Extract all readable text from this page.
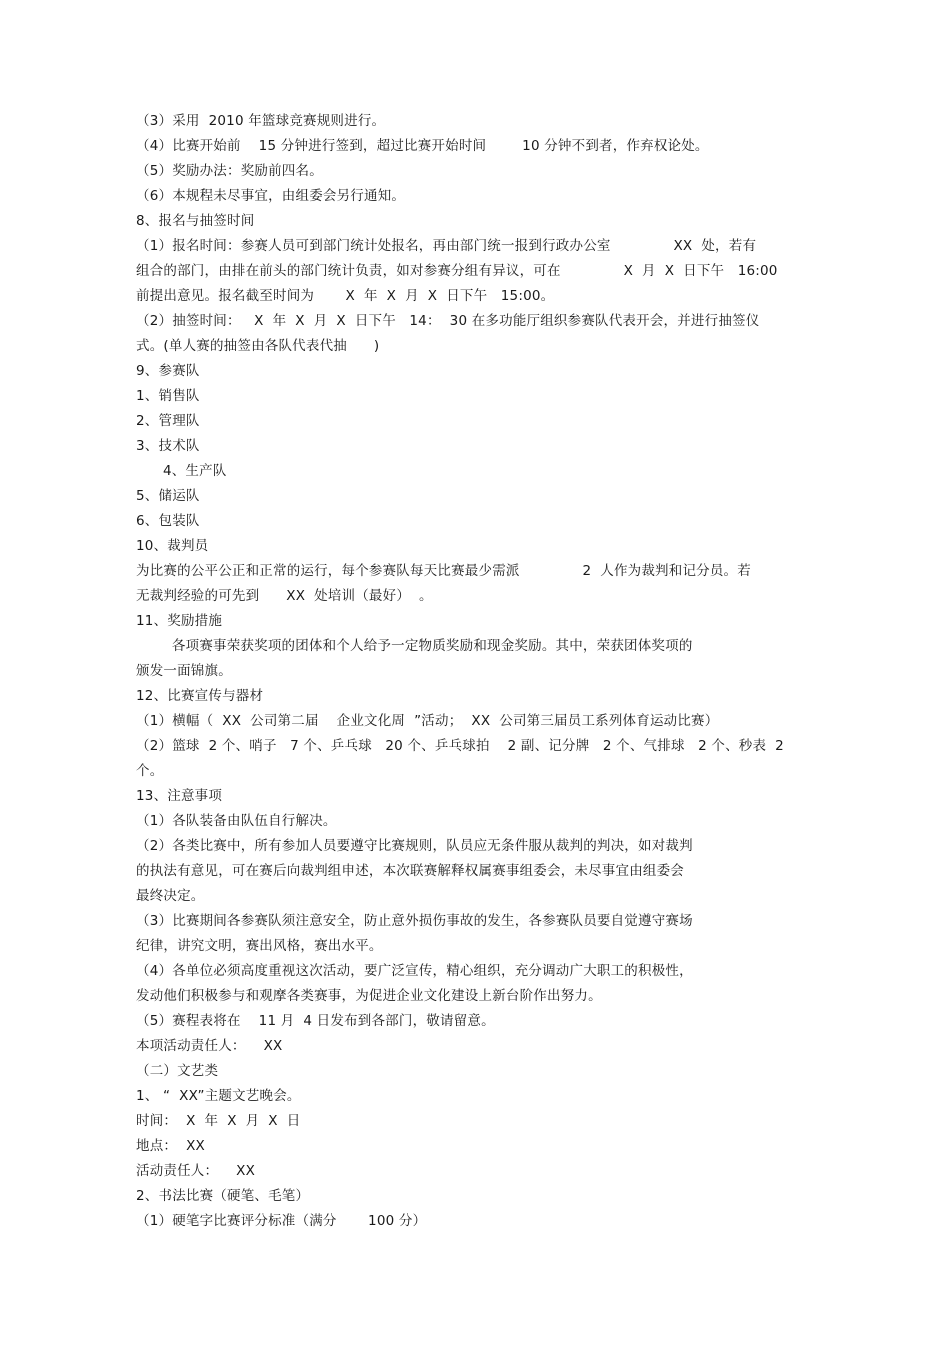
（3）采用  2010 年篮球竞赛规则进行。
（4）比赛开始前    15 分钟进行签到，超过比赛开始时间        10 分钟不到者，作弃权论处。
（5）奖励办法：奖励前四名。
（6）本规程未尽事宜，由组委会另行通知。
8、报名与抽签时间
（1）报名时间：参赛人员可到部门统计处报名，再由部门统一报到行政办公室              XX  处，若有
组合的部门，由排在前头的部门统计负责，如对参赛分组有异议，可在              X  月  X  日下午   16:00
前提出意见。报名截至时间为       X  年  X  月  X  日下午   15:00。
（2）抽签时间：   X  年  X  月  X  日下午   14：  30 在多功能厅组织参赛队代表开会，并进行抽签仪
式。(单人赛的抽签由各队代表代抽      )
9、参赛队
1、销售队
2、管理队
3、技术队
4、生产队
5、储运队
6、包装队
10、裁判员
为比赛的公平公正和正常的运行，每个参赛队每天比赛最少需派              2  人作为裁判和记分员。若
无裁判经验的可先到      XX  处培训（最好）  。
11、奖励措施
各项赛事荣获奖项的团体和个人给予一定物质奖励和现金奖励。其中，荣获团体奖项的
颁发一面锦旗。
12、比赛宣传与器材
（1）横幅（  XX  公司第二届    企业文化周  ”活动；  XX  公司第三届员工系列体育运动比赛）
（2）篮球  2 个、哨子   7 个、乒乓球   20 个、乒乓球拍    2 副、记分牌   2 个、气排球   2 个、秒表  2
个。
13、注意事项
（1）各队装备由队伍自行解决。
（2）各类比赛中，所有参加人员要遵守比赛规则，队员应无条件服从裁判的判决，如对裁判
的执法有意见，可在赛后向裁判组申述，本次联赛解释权属赛事组委会，未尽事宜由组委会
最终决定。
（3）比赛期间各参赛队须注意安全，防止意外损伤事故的发生，各参赛队员要自觉遵守赛场
纪律，讲究文明，赛出风格，赛出水平。
（4）各单位必须高度重视这次活动，要广泛宣传，精心组织，充分调动广大职工的积极性，
发动他们积极参与和观摩各类赛事，为促进企业文化建设上新台阶作出努力。
（5）赛程表将在    11 月  4 日发布到各部门，敬请留意。
本项活动责任人：    XX
（二）文艺类
1、 “  XX”主题文艺晚会。
时间：  X  年  X  月  X  日
地点：  XX
活动责任人：    XX
2、书法比赛（硬笔、毛笔）
（1）硬笔字比赛评分标准（满分       100 分）
